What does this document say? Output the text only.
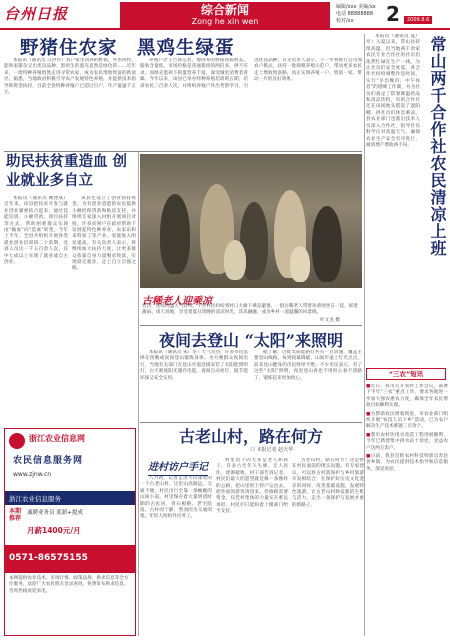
台州日报	综合新闻
Zong he xin wen
编辑/xxx 美编/xx
电话 88888888
校对/xx	2	2009.8.6
野猪住农家　黑鸡生绿蛋

本报讯（通讯员 汪洪亭）农户家里饲养的野猪，外形凶悍，能和家猪杂交出优良品种；黑鸡生的蛋壳竟然是绿色的……近年来，一批特种养殖悄然走进寻常农家，成为农民增收致富的新途径。据悉，当地政府积极引导农户发展特色养殖，并提供技术指导和资金扶持，目前全县特种养殖户已超过百户，年产值逾千万元。

养殖户老王告诉记者，他饲养的野猪肉质鲜美、脂肪含量低，市场价格是普通猪肉的两倍多，供不应求。而绿壳蛋鸡下的蛋营养丰富，深受城里消费者青睐。今年以来，该县已举办特种养殖培训班五期，培训农民三百余人次，并组织养殖户外出考察学习，引进优良品种。有关负责人表示，下一步将推行公司加农户模式，扶持一批规模养殖示范户，带动更多农民走上增收致富路，真正实现养殖一户、致富一家、带动一片的良好效果。

助民扶贫重造血 创业就业多自立

本报讯（通讯员 姚建成）近年来，该县把扶贫开发与就业创业紧密结合起来，通过技能培训、小额贷款、项目扶持等方式，帮助困难群众实现由“输血”向“造血”转变。今年上半年，全县共组织开展各类就业创业培训班二十余期，受训人员达一千五百余人次，其中七成以上实现了就业或自主创业。

该县还设立了创业扶持资金，为有创业意愿的农民提供小额担保贷款和贴息支持，并组织专家深入村组开展项目对接。许多贫困户在政府帮助下发展起特色种养业、农家乐和来料加工等产业，家庭收入明显提高。有关负责人表示，将继续加大扶持力度，让更多群众依靠自身力量脱贫致富，实现稳定就业，走上自立自强之路。

古稀老人迎乘凉
近日，连续高温天气持续，不少村民纷纷到村口大树下乘凉避暑。一群古稀老人带着孙辈围坐在一起，摇着蒲扇、谈天说地，享受着夏日傍晚的清凉时光，其乐融融，成为乡村一道温馨的风景线。
叶文龙 摄
夜间去登山 “太阳”来照明

本报讯（通讯员 朱广华）天气炎热，许多市民选择在傍晚或夜间登山锻炼身体。为方便群众夜间出行，当地有关部门在登山步道沿线安装了太阳能照明灯，白天吸收阳光储存电能，夜间自动亮灯，既节能环保又安全实用。

据了解，这批太阳能路灯共有一百余盏，覆盖主要登山线路。每到夜幕降临，山间步道上灯光点点，前来登山健身的市民络绎不绝。不少市民表示，有了这些“太阳”照明，夜里登山再也不用担心看不清路了，锻炼起来更加放心。

古老山村，路在何方
口 本报记者 赵天华
进村访户手记

八月初，记者走进大山深处的一个古老山村。这里山高路远、交通不便，村民出行全靠一条蜿蜒的山间小道。村里保存着大量明清时期的古民居，青石板路、老宅院落，古朴而宁静，然而因为交通闭塞，年轻人纷纷外出务工。

村里留下的大多是老人和孩子，许多古宅年久失修、无人居住，逐渐破败。村干部告诉记者，村民们最大的愿望就是修一条像样的公路，把山里的土特产运出去，把外面的游客请进来。但修路需要资金，仅凭村集体的力量实在难以承担，村民们只能盼着上级部门给予支持。

古老山村，路在何方？这是摆在村民面前的现实问题。有专家建议，可以将古村落保护与乡村旅游开发相结合，在保护好历史文化遗存的同时，改善基础设施，发展特色旅游，让古老山村焕发新的生机与活力，走出一条保护与发展并重的新路子。

浙江农业信息网
农民信息服务网
www.zjnw.cn
浙江农业信息服务
本期推荐
诚聘业务员 底薪+提成
月薪1400元/月
0571-86575155
本网提供农业技术、市场行情、政策法规、供求信息等全方位服务，欢迎广大农民朋友登录查询，免费发布供求信息。咨询热线欢迎来电。

本报讯（通讯员 夏广亭）入夏以来，常山县持续高温，但当地两千余家农民专业合作社的社员们依然忙碌在生产一线。为让社员们安全度夏，各合作社纷纷调整作息时间，实行“早出晚归、中午休息”的错峰工作制，并为社员们备足了防暑降温药品和清凉饮料，有的合作社还在田间地头搭起了遮阳棚，供社员们休息乘凉。县农业部门也派出技术人员深入合作社，指导社员科学应对高温天气，确保农业生产安全有序进行，做到增产增收两不误。	常山两千合作社农民清凉上班
“三农”短讯

■近日，我市召开农村工作会议，部署下半年“三农”重点工作，要求各地进一步加大强农惠农力度，确保全年农民增收目标顺利实现。

■为帮助农民增收致富，市农业部门组织开展“农技人员下乡”活动，已为农户解决生产技术难题三百余个。

■我市农村饮用水改造工程进展顺利，今年已新建集中供水站十余处，受益农户达两万余户。

■日前，我县首批农村科技特派员奔赴各乡镇，为农民提供技术指导和信息服务，深受欢迎。
